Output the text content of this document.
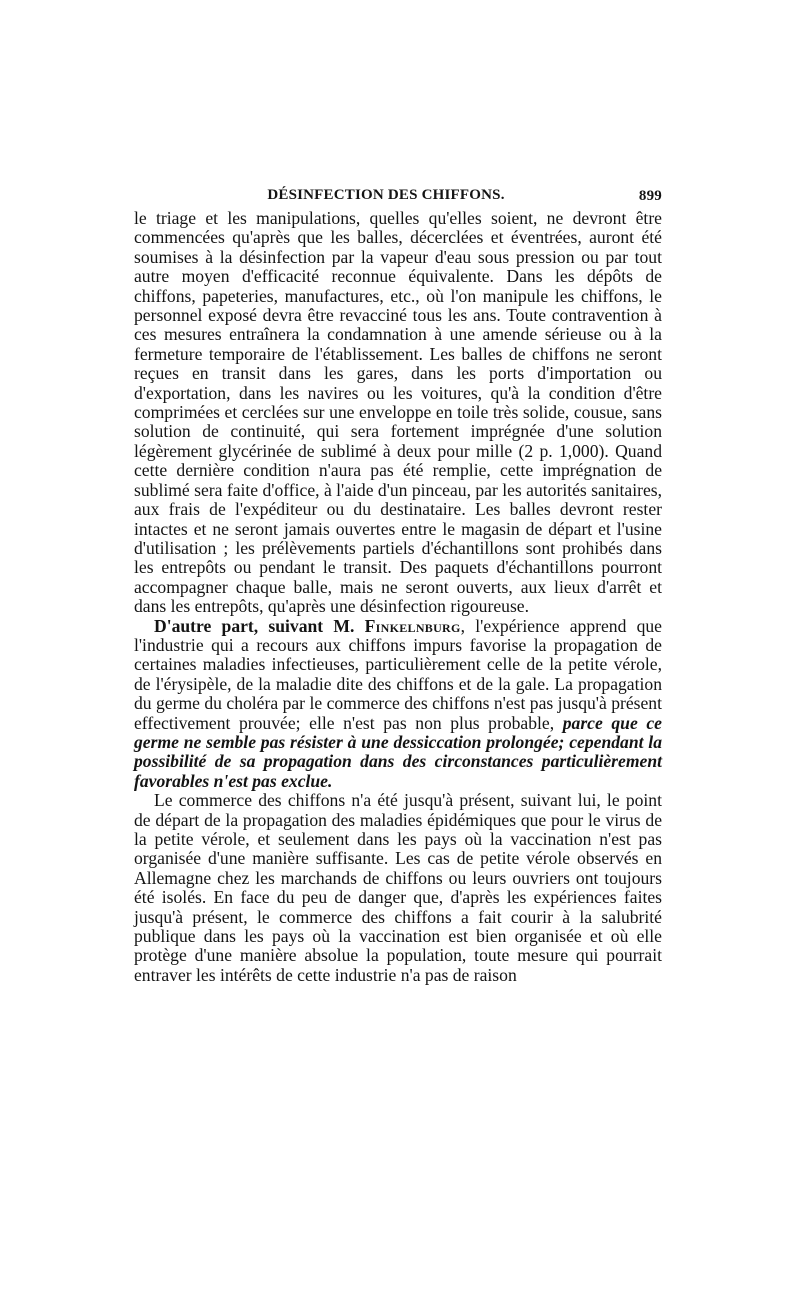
DÉSINFECTION DES CHIFFONS.	899

le triage et les manipulations, quelles qu'elles soient, ne devront être commencées qu'après que les balles, décerclées et éventrées, auront été soumises à la désinfection par la vapeur d'eau sous pression ou par tout autre moyen d'efficacité reconnue équivalente. Dans les dépôts de chiffons, papeteries, manufactures, etc., où l'on manipule les chiffons, le personnel exposé devra être revacciné tous les ans. Toute contravention à ces mesures entraînera la condamnation à une amende sérieuse ou à la fermeture temporaire de l'établissement. Les balles de chiffons ne seront reçues en transit dans les gares, dans les ports d'importation ou d'exportation, dans les navires ou les voitures, qu'à la condition d'être comprimées et cerclées sur une enveloppe en toile très solide, cousue, sans solution de continuité, qui sera fortement imprégnée d'une solution légèrement glycérinée de sublimé à deux pour mille (2 p. 1,000). Quand cette dernière condition n'aura pas été remplie, cette imprégnation de sublimé sera faite d'office, à l'aide d'un pinceau, par les autorités sanitaires, aux frais de l'expéditeur ou du destinataire. Les balles devront rester intactes et ne seront jamais ouvertes entre le magasin de départ et l'usine d'utilisation ; les prélèvements partiels d'échantillons sont prohibés dans les entrepôts ou pendant le transit. Des paquets d'échantillons pourront accompagner chaque balle, mais ne seront ouverts, aux lieux d'arrêt et dans les entrepôts, qu'après une désinfection rigoureuse.

D'autre part, suivant M. Finkelnburg, l'expérience apprend que l'industrie qui a recours aux chiffons impurs favorise la propagation de certaines maladies infectieuses, particulièrement celle de la petite vérole, de l'érysipèle, de la maladie dite des chiffons et de la gale. La propagation du germe du choléra par le commerce des chiffons n'est pas jusqu'à présent effectivement prouvée; elle n'est pas non plus probable, parce que ce germe ne semble pas résister à une dessiccation prolongée; cependant la possibilité de sa propagation dans des circonstances particulièrement favorables n'est pas exclue.

Le commerce des chiffons n'a été jusqu'à présent, suivant lui, le point de départ de la propagation des maladies épidémiques que pour le virus de la petite vérole, et seulement dans les pays où la vaccination n'est pas organisée d'une manière suffisante. Les cas de petite vérole observés en Allemagne chez les marchands de chiffons ou leurs ouvriers ont toujours été isolés. En face du peu de danger que, d'après les expériences faites jusqu'à présent, le commerce des chiffons a fait courir à la salubrité publique dans les pays où la vaccination est bien organisée et où elle protège d'une manière absolue la population, toute mesure qui pourrait entraver les intérêts de cette industrie n'a pas de raison
